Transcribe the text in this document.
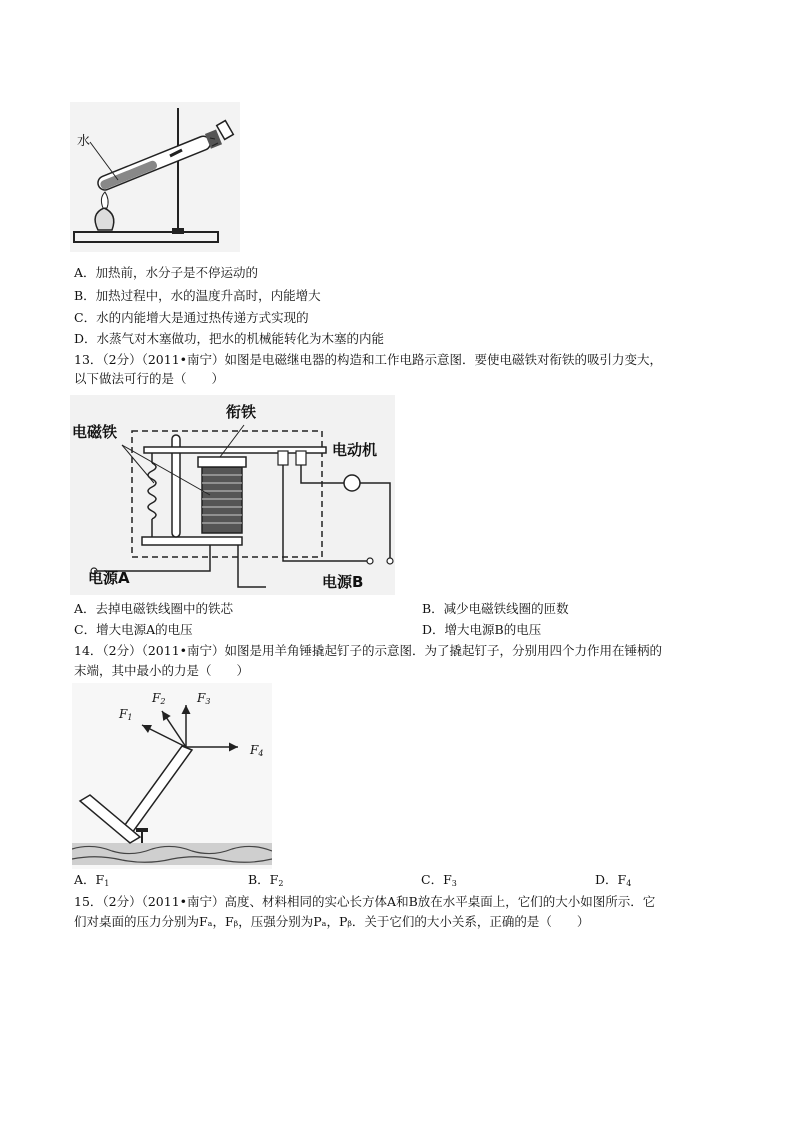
水
A．加热前，水分子是不停运动的
B．加热过程中，水的温度升高时，内能增大
C．水的内能增大是通过热传递方式实现的
D．水蒸气对木塞做功，把水的机械能转化为木塞的内能
13．（2分）（2011•南宁）如图是电磁继电器的构造和工作电路示意图．要使电磁铁对衔铁的吸引力变大，
以下做法可行的是（　　）
衔铁
电磁铁
电动机
电源A	电源B
A．去掉电磁铁线圈中的铁芯	B．减少电磁铁线圈的匝数
C．增大电源A的电压	D．增大电源B的电压
14．（2分）（2011•南宁）如图是用羊角锤撬起钉子的示意图．为了撬起钉子，分别用四个力作用在锤柄的
末端，其中最小的力是（　　）
$F_1$
$F_2$	$F_3$
$F_4$
A．$F_1$	B．$F_2$	C．$F_3$	D．$F_4$
15．（2分）（2011•南宁）高度、材料相同的实心长方体A和B放在水平桌面上，它们的大小如图所示．它
们对桌面的压力分别为Fₐ，Fᵦ，压强分别为Pₐ，Pᵦ．关于它们的大小关系，正确的是（　　）
